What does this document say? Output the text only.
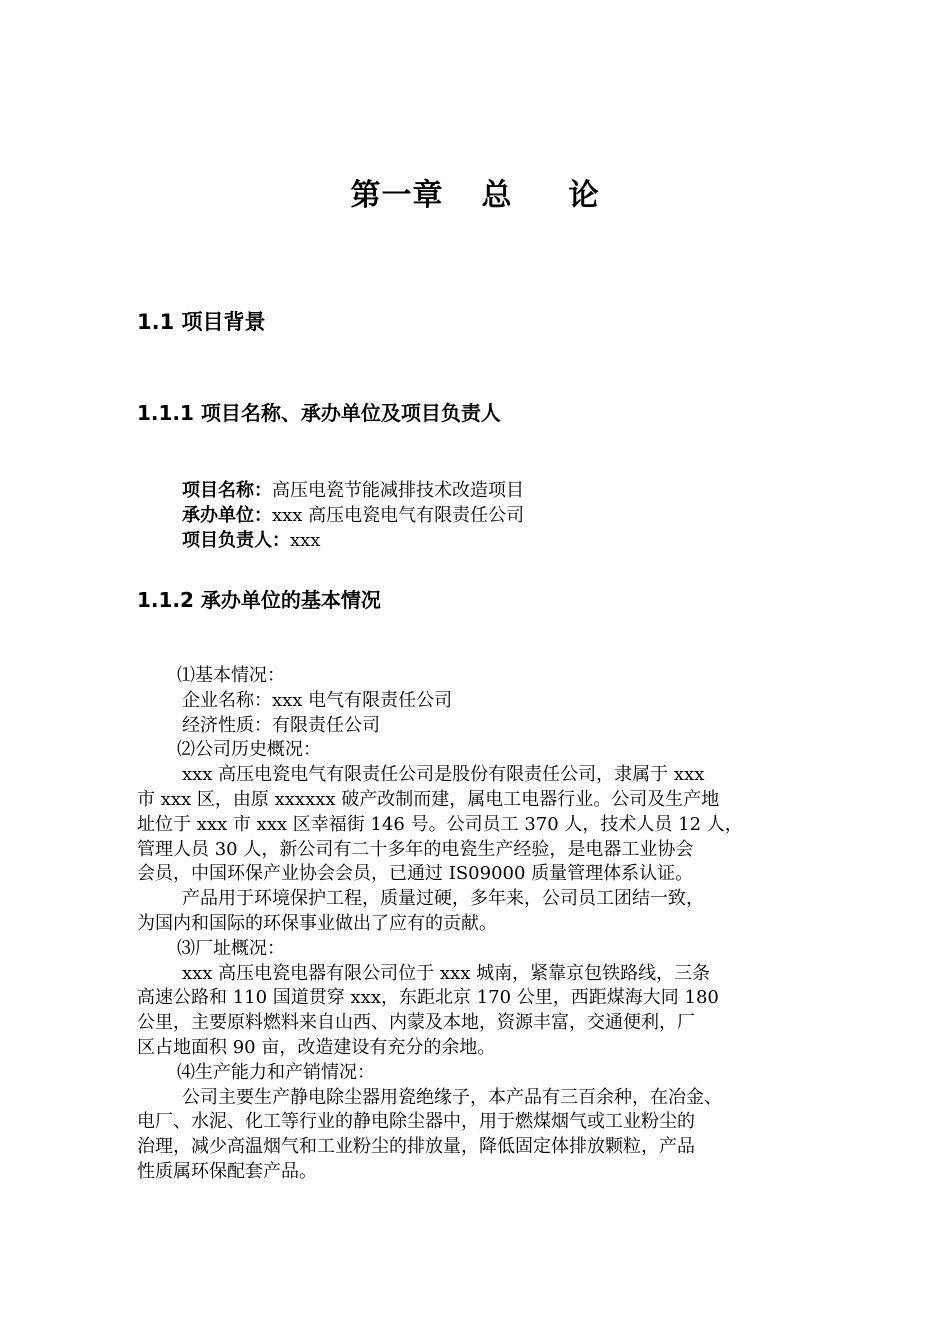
第一章 总 论
1.1 项目背景
1.1.1 项目名称、承办单位及项目负责人
项目名称：高压电瓷节能减排技术改造项目
承办单位：xxx 高压电瓷电气有限责任公司
项目负责人：xxx
1.1.2 承办单位的基本情况
⑴基本情况：
企业名称：xxx 电气有限责任公司
经济性质：有限责任公司
⑵公司历史概况：
xxx 高压电瓷电气有限责任公司是股份有限责任公司，隶属于 xxx
市 xxx 区，由原 xxxxxx 破产改制而建，属电工电器行业。公司及生产地
址位于 xxx 市 xxx 区幸福街 146 号。公司员工 370 人，技术人员 12 人，
管理人员 30 人，新公司有二十多年的电瓷生产经验，是电器工业协会
会员，中国环保产业协会会员，已通过 IS09000 质量管理体系认证。
产品用于环境保护工程，质量过硬，多年来，公司员工团结一致，
为国内和国际的环保事业做出了应有的贡献。
⑶厂址概况：
xxx 高压电瓷电器有限公司位于 xxx 城南，紧靠京包铁路线，三条
高速公路和 110 国道贯穿 xxx，东距北京 170 公里，西距煤海大同 180
公里，主要原料燃料来自山西、内蒙及本地，资源丰富，交通便利，厂
区占地面积 90 亩，改造建设有充分的余地。
⑷生产能力和产销情况：
公司主要生产静电除尘器用瓷绝缘子，本产品有三百余种，在冶金、
电厂、水泥、化工等行业的静电除尘器中，用于燃煤烟气或工业粉尘的
治理，减少高温烟气和工业粉尘的排放量，降低固定体排放颗粒，产品
性质属环保配套产品。
